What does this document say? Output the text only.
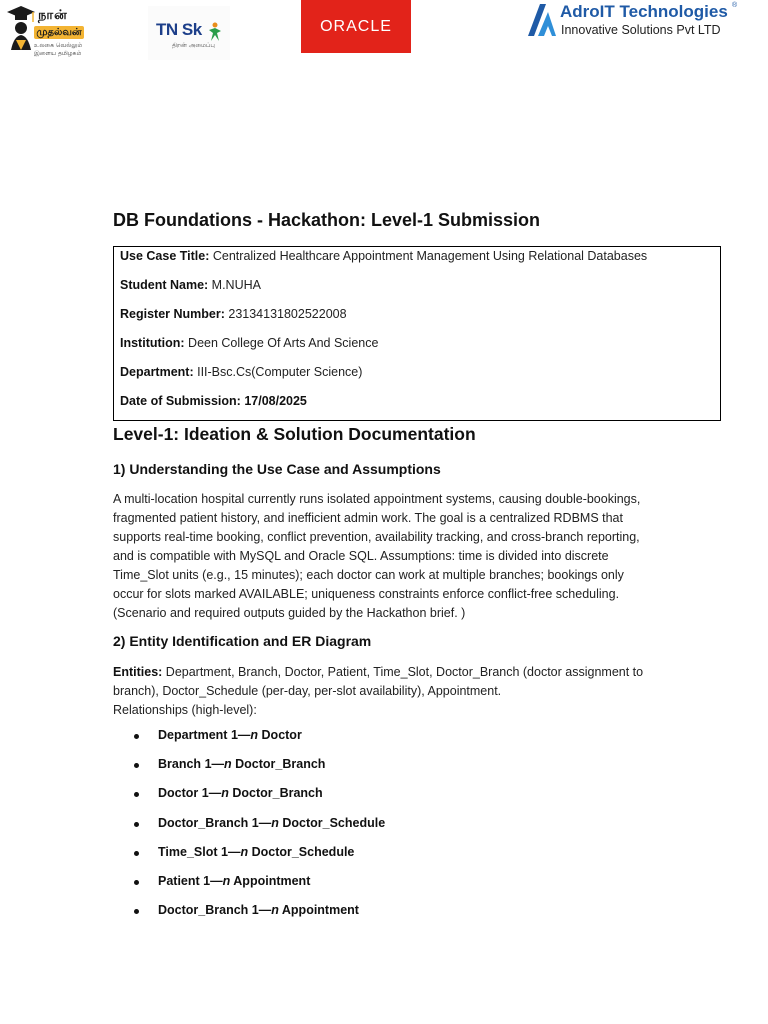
நான்
முதல்வன்
உலகை வெல்லும் இளைய தமிழகம்
TN Sk
திறன் அமைப்பு
ORACLE
AdroIT Technologies ®
Innovative Solutions Pvt LTD
DB Foundations - Hackathon: Level-1 Submission
Use Case Title: Centralized Healthcare Appointment Management Using Relational Databases
Student Name: M.NUHA
Register Number: 23134131802522008
Institution: Deen College Of Arts And Science
Department: III-Bsc.Cs(Computer Science)
Date of Submission: 17/08/2025
Level-1: Ideation & Solution Documentation
1) Understanding the Use Case and Assumptions
A multi-location hospital currently runs isolated appointment systems, causing double-bookings,
fragmented patient history, and inefficient admin work. The goal is a centralized RDBMS that
supports real-time booking, conflict prevention, availability tracking, and cross-branch reporting,
and is compatible with MySQL and Oracle SQL. Assumptions: time is divided into discrete
Time_Slot units (e.g., 15 minutes); each doctor can work at multiple branches; bookings only
occur for slots marked AVAILABLE; uniqueness constraints enforce conflict-free scheduling.
(Scenario and required outputs guided by the Hackathon brief. )
2) Entity Identification and ER Diagram
Entities: Department, Branch, Doctor, Patient, Time_Slot, Doctor_Branch (doctor assignment to
branch), Doctor_Schedule (per-day, per-slot availability), Appointment.
Relationships (high-level):
Department 1—n Doctor
Branch 1—n Doctor_Branch
Doctor 1—n Doctor_Branch
Doctor_Branch 1—n Doctor_Schedule
Time_Slot 1—n Doctor_Schedule
Patient 1—n Appointment
Doctor_Branch 1—n Appointment
